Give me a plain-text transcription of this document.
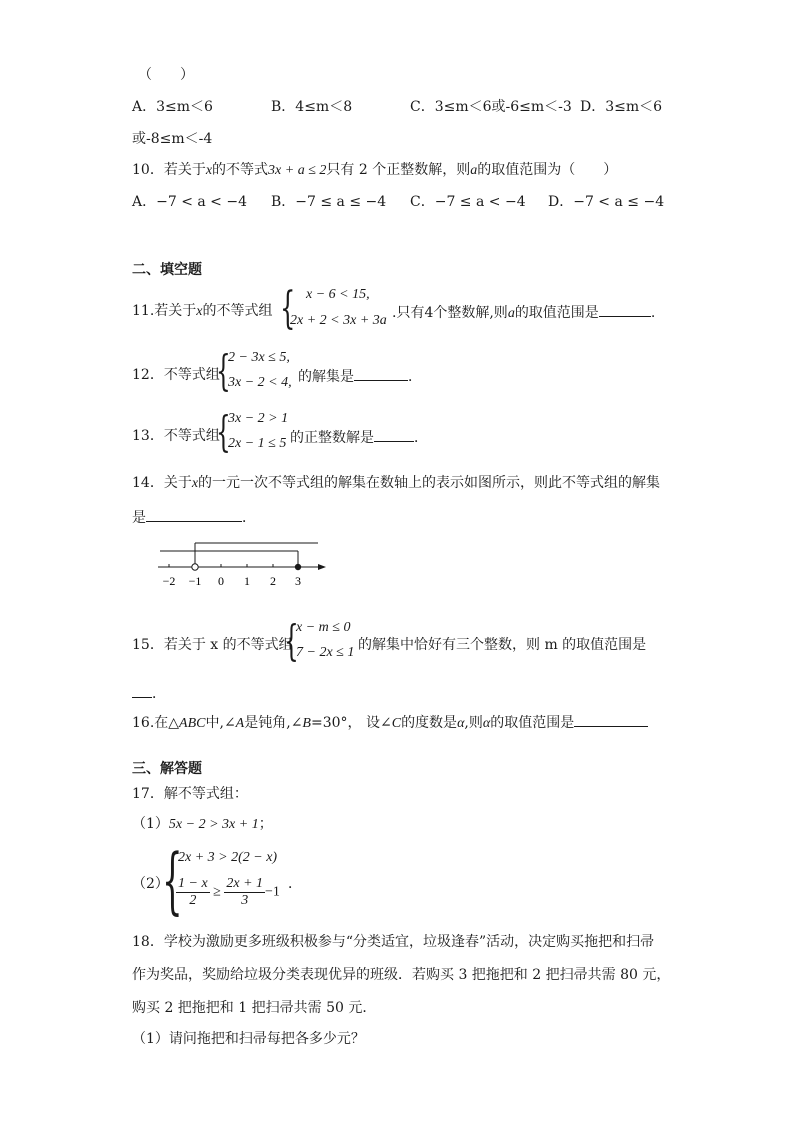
（　　）
A．3≤m＜6	B．4≤m＜8	C．3≤m＜6或-6≤m＜-3 D．3≤m＜6
或-8≤m＜-4
10．若关于x的不等式3x + a ≤ 2只有 2 个正整数解，则a的取值范围为（　　）
A．−7 < a < −4 B．−7 ≤ a ≤ −4 C．−7 ≤ a < −4 D．−7 < a ≤ −4
二、填空题
11.若关于x的不等式组 { x − 6 < 15,
2x + 2 < 3x + 3a .只有4个整数解,则a的取值范围是	.
12．不等式组
{
2 − 3x ≤ 5,
3x − 2 < 4, 的解集是	．
13．不等式组
{
3x − 2 > 1
2x − 1 ≤ 5 的正整数解是	．
14．关于x的一元一次不等式组的解集在数轴上的表示如图所示，则此不等式组的解集
是	．
−2 −1 0 1 2 3
15．若关于 x 的不等式组
{
x − m ≤ 0
7 − 2x ≤ 1 的解集中恰好有三个整数，则 m 的取值范围是
．
16.在△ABC中,∠A是钝角,∠B=30°， 设∠C的度数是α,则α的取值范围是
三、解答题
17．解不等式组：
（1）5x − 2 > 3x + 1；
（2）
{
2x + 3 > 2(2 − x)
$\frac{1 - x}{2} \ge \frac{2x + 1}{3} -1$
．
18．学校为激励更多班级积极参与“分类适宜，垃圾逢春”活动，决定购买拖把和扫帚
作为奖品，奖励给垃圾分类表现优异的班级．若购买 3 把拖把和 2 把扫帚共需 80 元，
购买 2 把拖把和 1 把扫帚共需 50 元．
（1）请问拖把和扫帚每把各多少元？
